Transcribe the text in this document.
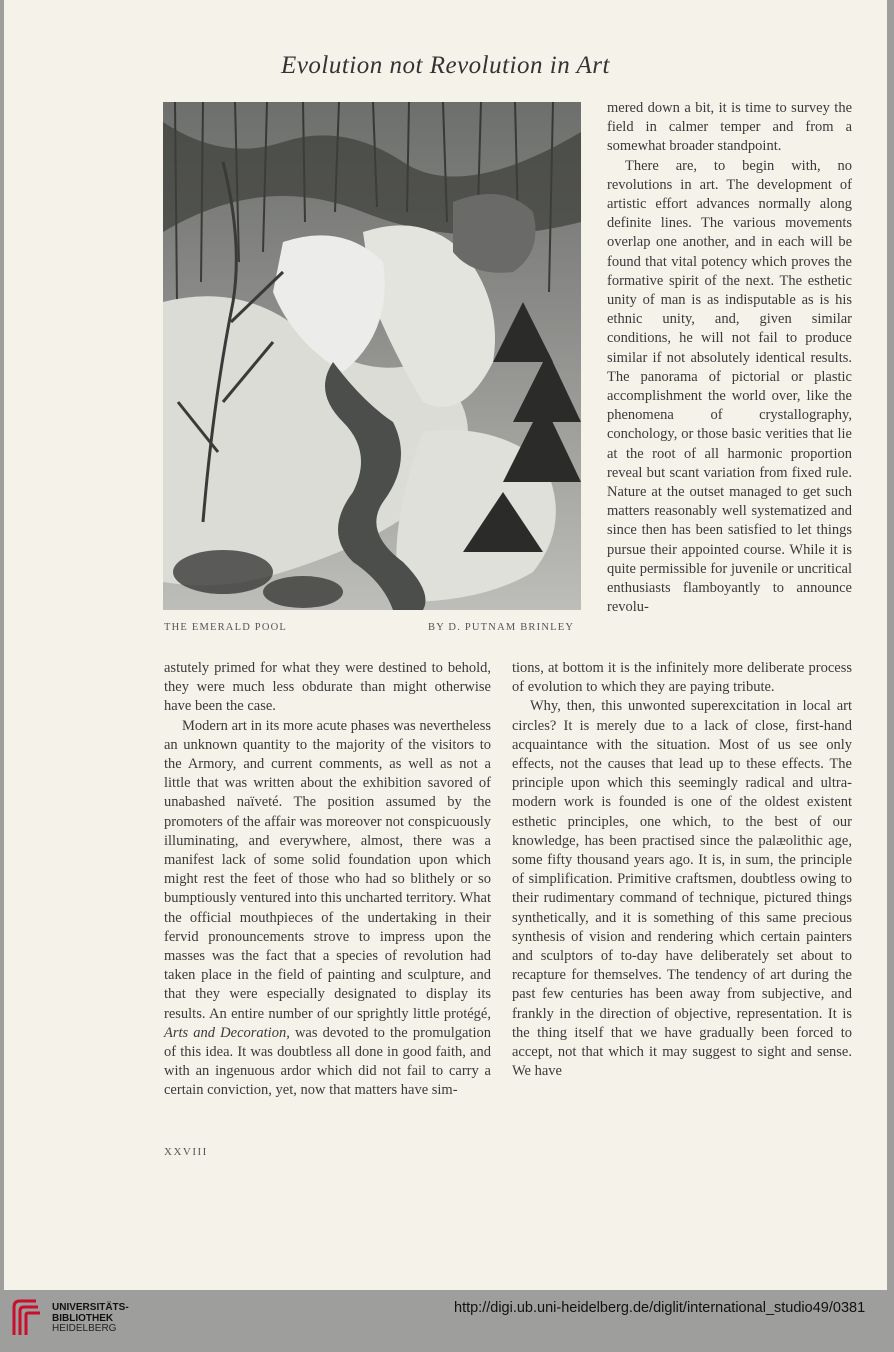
Evolution not Revolution in Art
THE EMERALD POOL	BY D. PUTNAM BRINLEY

mered down a bit, it is time to survey the field in calmer temper and from a somewhat broader standpoint.

There are, to begin with, no revolutions in art. The development of artistic effort advances normally along definite lines. The various movements overlap one another, and in each will be found that vital potency which proves the formative spirit of the next. The esthetic unity of man is as indisputable as is his ethnic unity, and, given similar conditions, he will not fail to produce similar if not absolutely identical results. The panorama of pictorial or plastic accomplishment the world over, like the phenomena of crystallography, conchology, or those basic verities that lie at the root of all harmonic proportion reveal but scant variation from fixed rule. Nature at the outset managed to get such matters reasonably well systematized and since then has been satisfied to let things pursue their appointed course. While it is quite permissible for juvenile or uncritical enthusiasts flamboyantly to announce revolu-

astutely primed for what they were destined to behold, they were much less obdurate than might otherwise have been the case.

Modern art in its more acute phases was nevertheless an unknown quantity to the majority of the visitors to the Armory, and current comments, as well as not a little that was written about the exhibition savored of unabashed naïveté. The position assumed by the promoters of the affair was moreover not conspicuously illuminating, and everywhere, almost, there was a manifest lack of some solid foundation upon which might rest the feet of those who had so blithely or so bumptiously ventured into this uncharted territory. What the official mouthpieces of the undertaking in their fervid pronouncements strove to impress upon the masses was the fact that a species of revolution had taken place in the field of painting and sculpture, and that they were especially designated to display its results. An entire number of our sprightly little protégé, Arts and Decoration, was devoted to the promulgation of this idea. It was doubtless all done in good faith, and with an ingenuous ardor which did not fail to carry a certain conviction, yet, now that matters have sim-

tions, at bottom it is the infinitely more deliberate process of evolution to which they are paying tribute.

Why, then, this unwonted superexcitation in local art circles? It is merely due to a lack of close, first-hand acquaintance with the situation. Most of us see only effects, not the causes that lead up to these effects. The principle upon which this seemingly radical and ultra-modern work is founded is one of the oldest existent esthetic principles, one which, to the best of our knowledge, has been practised since the palæolithic age, some fifty thousand years ago. It is, in sum, the principle of simplification. Primitive craftsmen, doubtless owing to their rudimentary command of technique, pictured things synthetically, and it is something of this same precious synthesis of vision and rendering which certain painters and sculptors of to-day have deliberately set about to recapture for themselves. The tendency of art during the past few centuries has been away from subjective, and frankly in the direction of objective, representation. It is the thing itself that we have gradually been forced to accept, not that which it may suggest to sight and sense. We have

XXVIII
UNIVERSITÄTS-
BIBLIOTHEK
HEIDELBERG
http://digi.ub.uni-heidelberg.de/diglit/international_studio49/0381
